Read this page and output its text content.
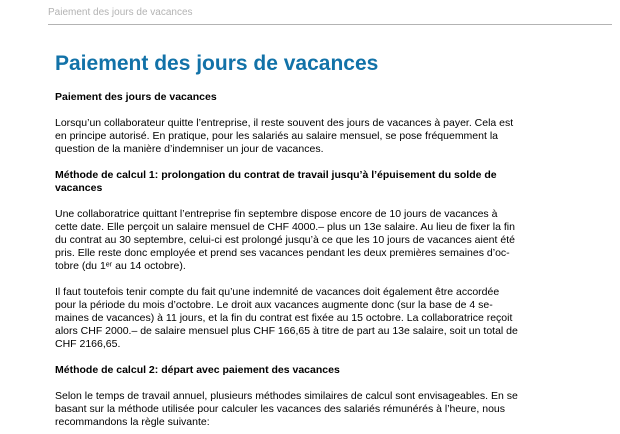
Paiement des jours de vacances
Paiement des jours de vacances

Paiement des jours de vacances

Lorsqu’un collaborateur quitte l’entreprise, il reste souvent des jours de vacances à payer. Cela est
en principe autorisé. En pratique, pour les salariés au salaire mensuel, se pose fréquemment la
question de la manière d’indemniser un jour de vacances.

Méthode de calcul 1: prolongation du contrat de travail jusqu’à l’épuisement du solde de
vacances

Une collaboratrice quittant l’entreprise fin septembre dispose encore de 10 jours de vacances à
cette date. Elle perçoit un salaire mensuel de CHF 4000.– plus un 13e salaire. Au lieu de fixer la fin
du contrat au 30 septembre, celui-ci est prolongé jusqu’à ce que les 10 jours de vacances aient été
pris. Elle reste donc employée et prend ses vacances pendant les deux premières semaines d’oc-
tobre (du 1ᵉʳ au 14 octobre).

Il faut toutefois tenir compte du fait qu’une indemnité de vacances doit également être accordée
pour la période du mois d’octobre. Le droit aux vacances augmente donc (sur la base de 4 se-
maines de vacances) à 11 jours, et la fin du contrat est fixée au 15 octobre. La collaboratrice reçoit
alors CHF 2000.– de salaire mensuel plus CHF 166,65 à titre de part au 13e salaire, soit un total de
CHF 2166,65.

Méthode de calcul 2: départ avec paiement des vacances

Selon le temps de travail annuel, plusieurs méthodes similaires de calcul sont envisageables. En se
basant sur la méthode utilisée pour calculer les vacances des salariés rémunérés à l’heure, nous
recommandons la règle suivante:
